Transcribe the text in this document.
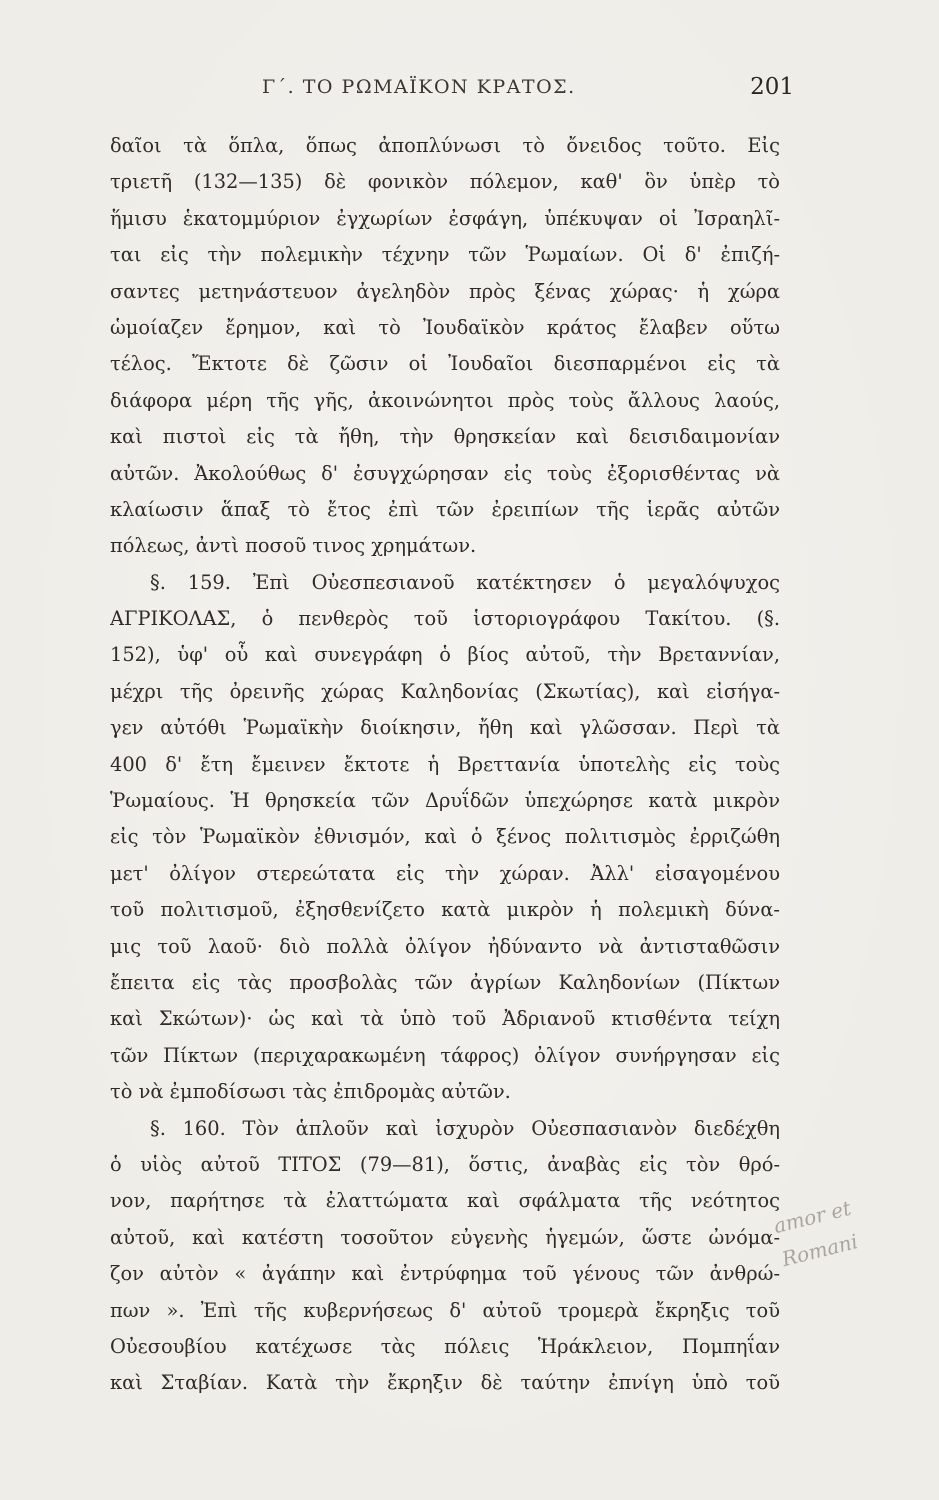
Γ΄. ΤΟ ΡΩΜΑΪΚΟΝ ΚΡΑΤΟΣ.	201
δαῖοι τὰ ὅπλα, ὅπως ἀποπλύνωσι τὸ ὄνειδος τοῦτο. Εἰς
τριετῆ (132—135) δὲ φονικὸν πόλεμον, καθ' ὃν ὑπὲρ τὸ
ἥμισυ ἑκατομμύριον ἐγχωρίων ἐσφάγη, ὑπέκυψαν οἱ Ἰσραηλῖ-
ται εἰς τὴν πολεμικὴν τέχνην τῶν Ῥωμαίων. Οἱ δ' ἐπιζή-
σαντες μετηνάστευον ἀγεληδὸν πρὸς ξένας χώρας· ἡ χώρα
ὡμοίαζεν ἔρημον, καὶ τὸ Ἰουδαϊκὸν κράτος ἔλαβεν οὕτω
τέλος. Ἔκτοτε δὲ ζῶσιν οἱ Ἰουδαῖοι διεσπαρμένοι εἰς τὰ
διάφορα μέρη τῆς γῆς, ἀκοινώνητοι πρὸς τοὺς ἄλλους λαούς,
καὶ πιστοὶ εἰς τὰ ἤθη, τὴν θρησκείαν καὶ δεισιδαιμονίαν
αὐτῶν. Ἀκολούθως δ' ἐσυγχώρησαν εἰς τοὺς ἐξορισθέντας νὰ
κλαίωσιν ἅπαξ τὸ ἔτος ἐπὶ τῶν ἐρειπίων τῆς ἱερᾶς αὐτῶν
πόλεως, ἀντὶ ποσοῦ τινος χρημάτων.
§. 159. Ἐπὶ Οὐεσπεσιανοῦ κατέκτησεν ὁ μεγαλόψυχος
ΑΓΡΙΚΟΛΑΣ, ὁ πενθερὸς τοῦ ἱστοριογράφου Τακίτου. (§.
152), ὑφ' οὗ καὶ συνεγράφη ὁ βίος αὐτοῦ, τὴν Βρεταννίαν,
μέχρι τῆς ὀρεινῆς χώρας Καληδονίας (Σκωτίας), καὶ εἰσήγα-
γεν αὐτόθι Ῥωμαϊκὴν διοίκησιν, ἤθη καὶ γλῶσσαν. Περὶ τὰ
400 δ' ἔτη ἔμεινεν ἔκτοτε ἡ Βρεττανία ὑποτελὴς εἰς τοὺς
Ῥωμαίους. Ἡ θρησκεία τῶν Δρυΐδῶν ὑπεχώρησε κατὰ μικρὸν
εἰς τὸν Ῥωμαϊκὸν ἐθνισμόν, καὶ ὁ ξένος πολιτισμὸς ἐρριζώθη
μετ' ὀλίγον στερεώτατα εἰς τὴν χώραν. Ἀλλ' εἰσαγομένου
τοῦ πολιτισμοῦ, ἐξησθενίζετο κατὰ μικρὸν ἡ πολεμικὴ δύνα-
μις τοῦ λαοῦ· διὸ πολλὰ ὀλίγον ἠδύναντο νὰ ἀντισταθῶσιν
ἔπειτα εἰς τὰς προσβολὰς τῶν ἀγρίων Καληδονίων (Πίκτων
καὶ Σκώτων)· ὡς καὶ τὰ ὑπὸ τοῦ Ἀδριανοῦ κτισθέντα τείχη
τῶν Πίκτων (περιχαρακωμένη τάφρος) ὀλίγον συνήργησαν εἰς
τὸ νὰ ἐμποδίσωσι τὰς ἐπιδρομὰς αὐτῶν.
§. 160. Τὸν ἁπλοῦν καὶ ἰσχυρὸν Οὐεσπασιανὸν διεδέχθη
ὁ υἱὸς αὐτοῦ ΤΙΤΟΣ (79—81), ὅστις, ἀναβὰς εἰς τὸν θρό-
νον, παρήτησε τὰ ἐλαττώματα καὶ σφάλματα τῆς νεότητος
αὐτοῦ, καὶ κατέστη τοσοῦτον εὐγενὴς ἡγεμών, ὥστε ὠνόμα-
ζον αὐτὸν « ἀγάπην καὶ ἐντρύφημα τοῦ γένους τῶν ἀνθρώ-
πων ». Ἐπὶ τῆς κυβερνήσεως δ' αὐτοῦ τρομερὰ ἔκρηξις τοῦ
Οὐεσουβίου κατέχωσε τὰς πόλεις Ἡράκλειον, Πομπηΐαν
καὶ Σταβίαν. Κατὰ τὴν ἔκρηξιν δὲ ταύτην ἐπνίγη ὑπὸ τοῦ
amor et
Romani
